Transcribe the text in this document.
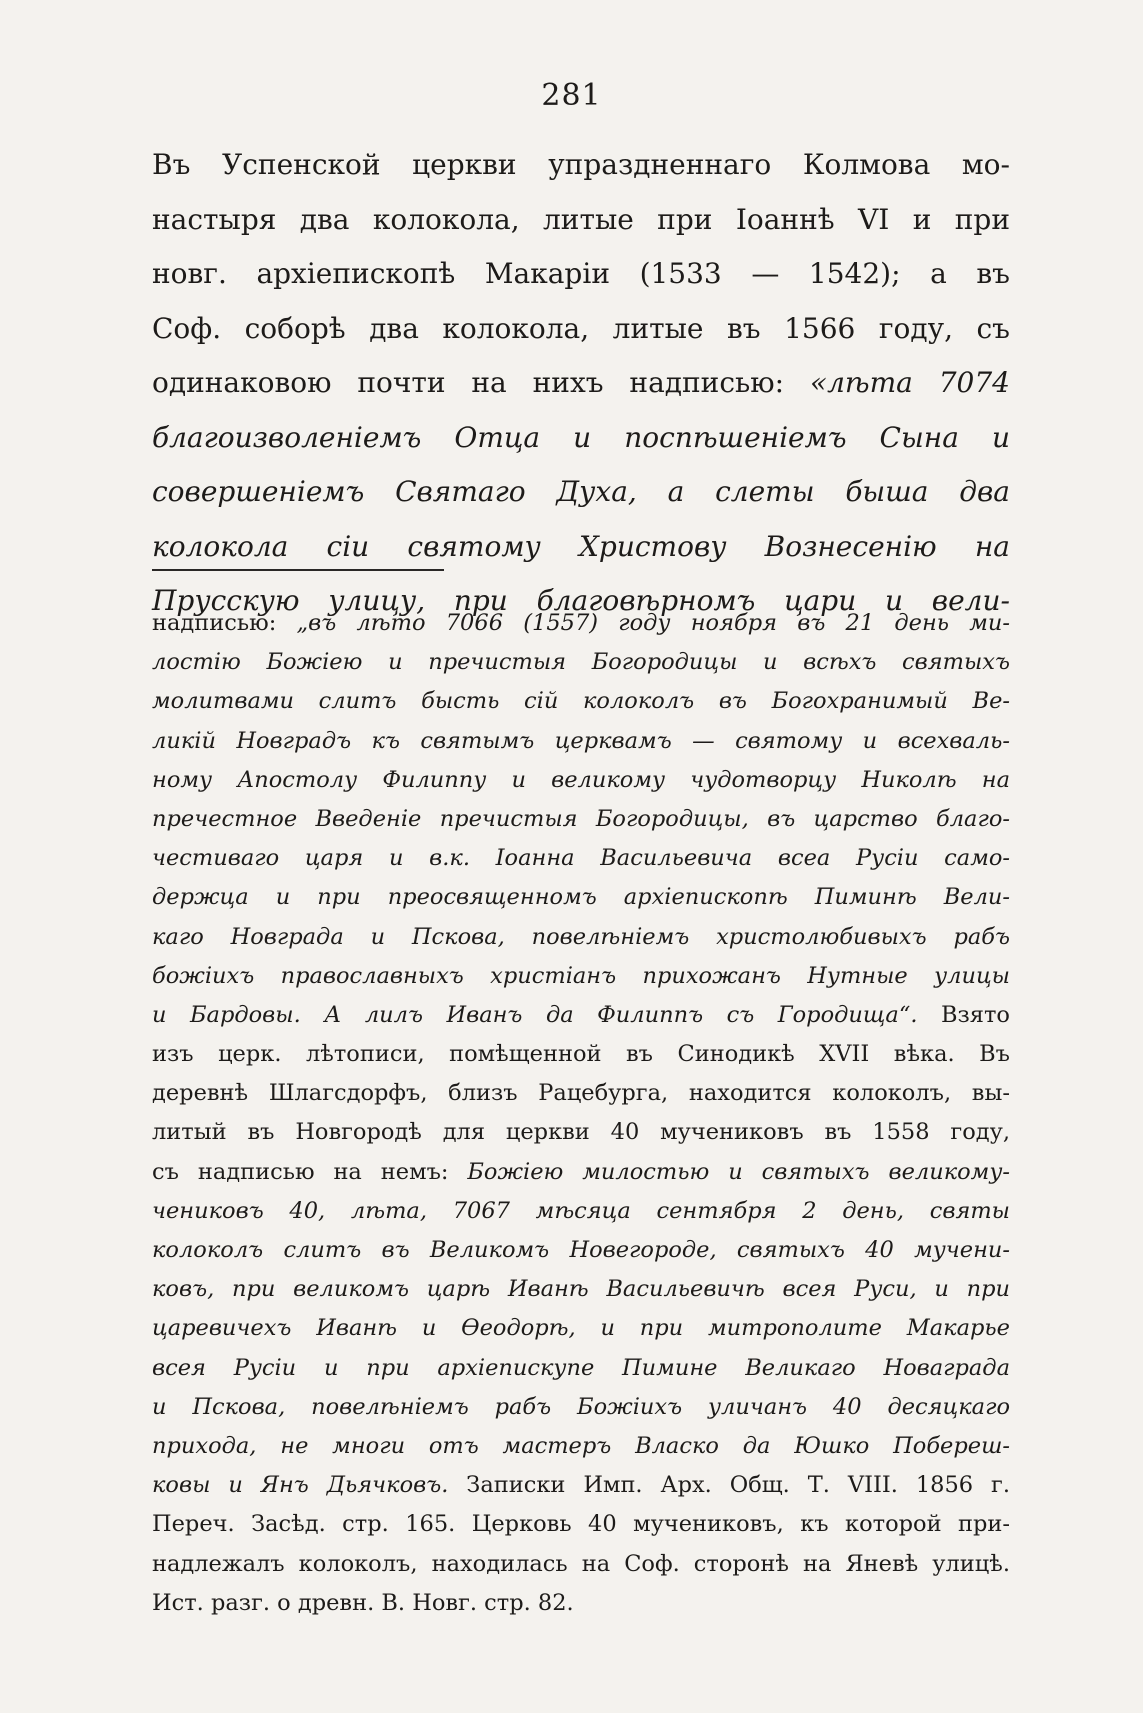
281
Въ Успенской церкви упраздненнаго Колмова мо-
настыря два колокола, литые при Іоаннѣ VI и при
новг. архіепископѣ Макаріи (1533 — 1542); а въ
Соф. соборѣ два колокола, литые въ 1566 году, съ
одинаковою почти на нихъ надписью: «лѣта 7074
благоизволеніемъ Отца и поспѣшеніемъ Сына и
совершеніемъ Святаго Духа, а слеты быша два
колокола сіи святому Христову Вознесенію на
Прусскую улицу, при благовѣрномъ цари и вели-
надписью: „въ лѣто 7066 (1557) году ноября въ 21 день ми-
лостію Божіею и пречистыя Богородицы и всѣхъ святыхъ
молитвами слитъ бысть сій колоколъ въ Богохранимый Ве-
ликій Новградъ къ святымъ церквамъ — святому и всехваль-
ному Апостолу Филиппу и великому чудотворцу Николѣ на
пречестное Введеніе пречистыя Богородицы, въ царство благо-
честиваго царя и в.к. Іоанна Васильевича всеа Русіи само-
держца и при преосвященномъ архіепископѣ Пиминѣ Вели-
каго Новграда и Пскова, повелѣніемъ христолюбивыхъ рабъ
божіихъ православныхъ христіанъ прихожанъ Нутные улицы
и Бардовы. А лилъ Иванъ да Филиппъ съ Городища“. Взято
изъ церк. лѣтописи, помѣщенной въ Синодикѣ XVII вѣка. Въ
деревнѣ Шлагсдорфъ, близъ Рацебурга, находится колоколъ, вы-
литый въ Новгородѣ для церкви 40 мучениковъ въ 1558 году,
съ надписью на немъ: Божіею милостью и святыхъ великому-
чениковъ 40, лѣта, 7067 мѣсяца сентября 2 день, святы
колоколъ слитъ въ Великомъ Новегороде, святыхъ 40 мучени-
ковъ, при великомъ царѣ Иванѣ Васильевичѣ всея Руси, и при
царевичехъ Иванѣ и Ѳеодорѣ, и при митрополите Макарье
всея Русіи и при архіепискупе Пимине Великаго Новаграда
и Пскова, повелѣніемъ рабъ Божіихъ уличанъ 40 десяцкаго
прихода, не многи отъ мастеръ Власко да Юшко Побереш-
ковы и Янъ Дьячковъ. Записки Имп. Арх. Общ. Т. VIII. 1856 г.
Переч. Засѣд. стр. 165. Церковь 40 мучениковъ, къ которой при-
надлежалъ колоколъ, находилась на Соф. сторонѣ на Яневѣ улицѣ.
Ист. разг. о древн. В. Новг. стр. 82.
